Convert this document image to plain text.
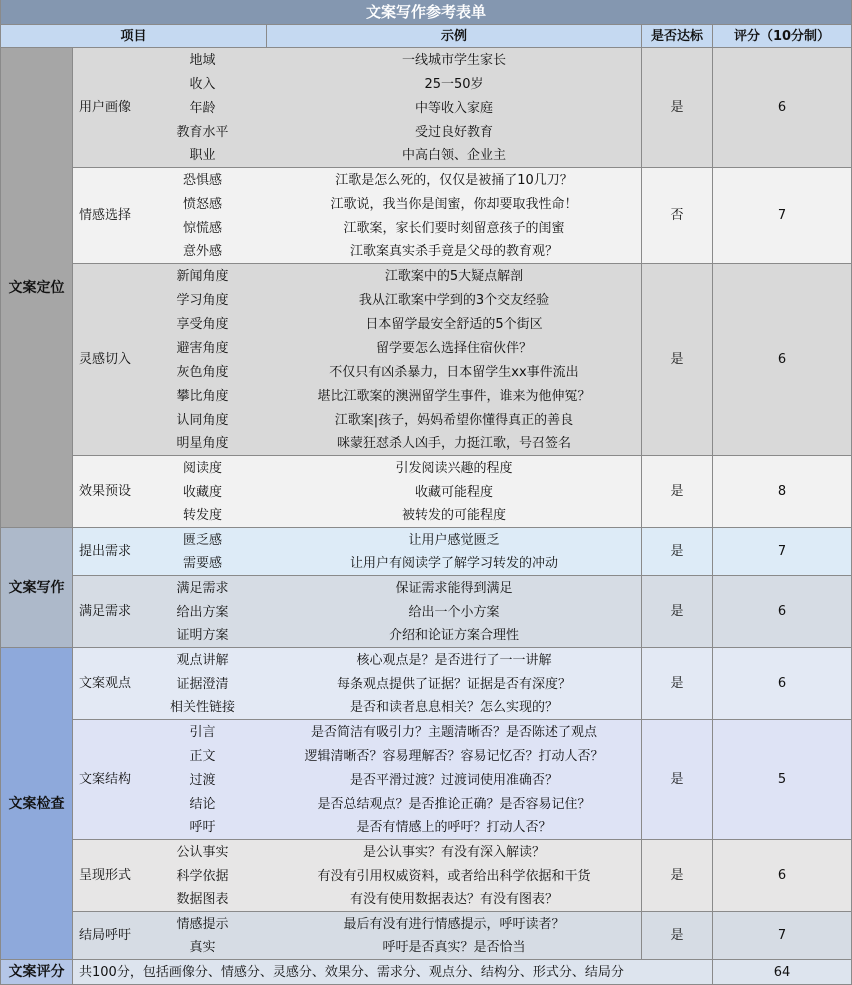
文案写作参考表单
项目	示例	是否达标	评分（10分制）
地域	一线城市学生家长
收入	25一50岁
年龄	中等收入家庭
教育水平	受过良好教育
职业	中高白领、企业主
用户画像	是	6
恐惧感	江歌是怎么死的，仅仅是被捅了10几刀？
愤怒感	江歌说，我当你是闺蜜，你却要取我性命！
惊慌感	江歌案，家长们要时刻留意孩子的闺蜜
意外感	江歌案真实杀手竟是父母的教育观？
情感选择	否	7
新闻角度	江歌案中的5大疑点解剖
学习角度	我从江歌案中学到的3个交友经验
享受角度	日本留学最安全舒适的5个街区
避害角度	留学要怎么选择住宿伙伴？
灰色角度	不仅只有凶杀暴力，日本留学生xx事件流出
攀比角度	堪比江歌案的澳洲留学生事件，谁来为他伸冤？
认同角度	江歌案|孩子，妈妈希望你懂得真正的善良
明星角度	咪蒙狂怼杀人凶手，力挺江歌，号召签名
灵感切入	是	6
阅读度	引发阅读兴趣的程度
收藏度	收藏可能程度
转发度	被转发的可能程度
效果预设	是	8
文案定位
匮乏感	让用户感觉匮乏
需要感	让用户有阅读学了解学习转发的冲动
提出需求	是	7
满足需求	保证需求能得到满足
给出方案	给出一个小方案
证明方案	介绍和论证方案合理性
满足需求	是	6
文案写作
观点讲解	核心观点是？是否进行了一一讲解
证据澄清	每条观点提供了证据？证据是否有深度？
相关性链接	是否和读者息息相关？怎么实现的？
文案观点	是	6
引言	是否简洁有吸引力？主题清晰否？是否陈述了观点
正文	逻辑清晰否？容易理解否？容易记忆否？打动人否？
过渡	是否平滑过渡？过渡词使用准确否？
结论	是否总结观点？是否推论正确？是否容易记住？
呼吁	是否有情感上的呼吁？打动人否？
文案结构	是	5
公认事实	是公认事实？有没有深入解读？
科学依据	有没有引用权威资料，或者给出科学依据和干货
数据图表	有没有使用数据表达？有没有图表？
呈现形式	是	6
情感提示	最后有没有进行情感提示，呼吁读者？
真实	呼吁是否真实？是否恰当
结局呼吁	是	7
文案检查
文案评分	共100分，包括画像分、情感分、灵感分、效果分、需求分、观点分、结构分、形式分、结局分	64
